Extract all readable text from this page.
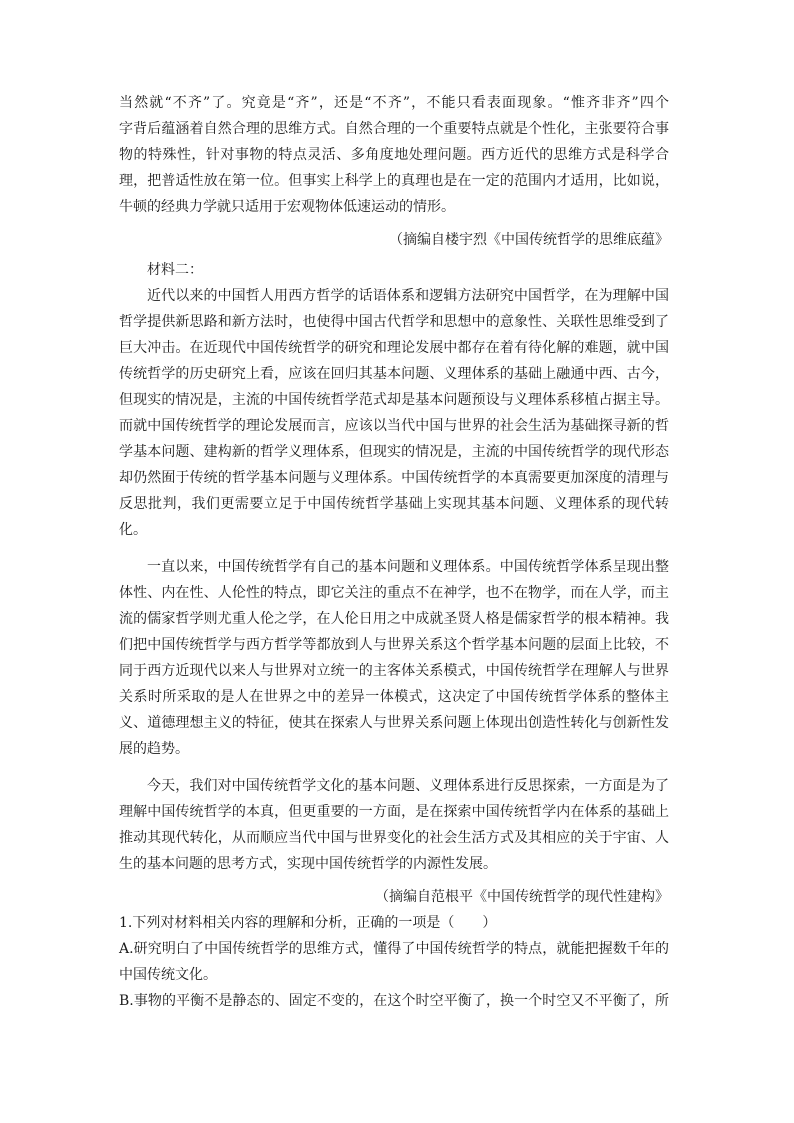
当然就“不齐”了。究竟是“齐”，还是“不齐”，不能只看表面现象。“惟齐非齐”四个
字背后蕴涵着自然合理的思维方式。自然合理的一个重要特点就是个性化，主张要符合事
物的特殊性，针对事物的特点灵活、多角度地处理问题。西方近代的思维方式是科学合
理，把普适性放在第一位。但事实上科学上的真理也是在一定的范围内才适用，比如说，
牛顿的经典力学就只适用于宏观物体低速运动的情形。
（摘编自楼宇烈《中国传统哲学的思维底蕴》
材料二：
近代以来的中国哲人用西方哲学的话语体系和逻辑方法研究中国哲学，在为理解中国
哲学提供新思路和新方法时，也使得中国古代哲学和思想中的意象性、关联性思维受到了
巨大冲击。在近现代中国传统哲学的研究和理论发展中都存在着有待化解的难题，就中国
传统哲学的历史研究上看，应该在回归其基本问题、义理体系的基础上融通中西、古今，
但现实的情况是，主流的中国传统哲学范式却是基本问题预设与义理体系移植占据主导。
而就中国传统哲学的理论发展而言，应该以当代中国与世界的社会生活为基础探寻新的哲
学基本问题、建构新的哲学义理体系，但现实的情况是，主流的中国传统哲学的现代形态
却仍然囿于传统的哲学基本问题与义理体系。中国传统哲学的本真需要更加深度的清理与
反思批判，我们更需要立足于中国传统哲学基础上实现其基本问题、义理体系的现代转
化。
一直以来，中国传统哲学有自己的基本问题和义理体系。中国传统哲学体系呈现出整
体性、内在性、人伦性的特点，即它关注的重点不在神学，也不在物学，而在人学，而主
流的儒家哲学则尤重人伦之学，在人伦日用之中成就圣贤人格是儒家哲学的根本精神。我
们把中国传统哲学与西方哲学等都放到人与世界关系这个哲学基本问题的层面上比较，不
同于西方近现代以来人与世界对立统一的主客体关系模式，中国传统哲学在理解人与世界
关系时所采取的是人在世界之中的差异一体模式，这决定了中国传统哲学体系的整体主
义、道德理想主义的特征，使其在探索人与世界关系问题上体现出创造性转化与创新性发
展的趋势。
今天，我们对中国传统哲学文化的基本问题、义理体系进行反思探索，一方面是为了
理解中国传统哲学的本真，但更重要的一方面，是在探索中国传统哲学内在体系的基础上
推动其现代转化，从而顺应当代中国与世界变化的社会生活方式及其相应的关于宇宙、人
生的基本问题的思考方式，实现中国传统哲学的内源性发展。
（摘编自范根平《中国传统哲学的现代性建构》
1.下列对材料相关内容的理解和分析，正确的一项是（　　）
A.研究明白了中国传统哲学的思维方式，懂得了中国传统哲学的特点，就能把握数千年的
中国传统文化。
B.事物的平衡不是静态的、固定不变的，在这个时空平衡了，换一个时空又不平衡了，所
